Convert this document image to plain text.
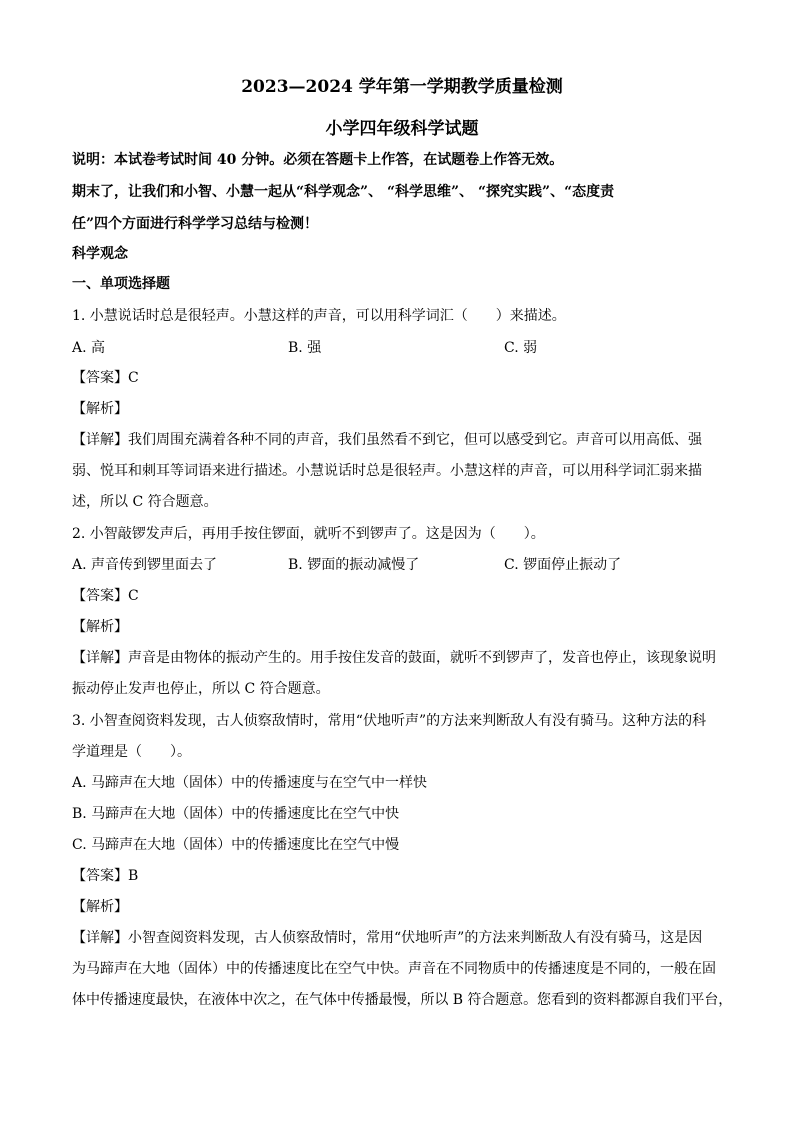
2023—2024 学年第一学期教学质量检测
小学四年级科学试题
说明：本试卷考试时间 40 分钟。必须在答题卡上作答，在试题卷上作答无效。
期末了，让我们和小智、小慧一起从“科学观念”、 “科学思维”、 “探究实践”、“态度责
任”四个方面进行科学学习总结与检测！
科学观念
一、单项选择题
1. 小慧说话时总是很轻声。小慧这样的声音，可以用科学词汇（　　）来描述。
A. 高	B. 强	C. 弱
【答案】C
【解析】
【详解】我们周围充满着各种不同的声音，我们虽然看不到它，但可以感受到它。声音可以用高低、强
弱、悦耳和刺耳等词语来进行描述。小慧说话时总是很轻声。小慧这样的声音，可以用科学词汇弱来描
述，所以 C 符合题意。
2. 小智敲锣发声后，再用手按住锣面，就听不到锣声了。这是因为（　　）。
A. 声音传到锣里面去了	B. 锣面的振动减慢了	C. 锣面停止振动了
【答案】C
【解析】
【详解】声音是由物体的振动产生的。用手按住发音的鼓面，就听不到锣声了，发音也停止，该现象说明
振动停止发声也停止，所以 C 符合题意。
3. 小智查阅资料发现，古人侦察敌情时，常用“伏地听声”的方法来判断敌人有没有骑马。这种方法的科
学道理是（　　）。
A. 马蹄声在大地（固体）中的传播速度与在空气中一样快
B. 马蹄声在大地（固体）中的传播速度比在空气中快
C. 马蹄声在大地（固体）中的传播速度比在空气中慢
【答案】B
【解析】
【详解】小智查阅资料发现，古人侦察敌情时，常用“伏地听声”的方法来判断敌人有没有骑马，这是因
为马蹄声在大地（固体）中的传播速度比在空气中快。声音在不同物质中的传播速度是不同的，一般在固
体中传播速度最快，在液体中次之，在气体中传播最慢，所以 B 符合题意。您看到的资料都源自我们平台，
